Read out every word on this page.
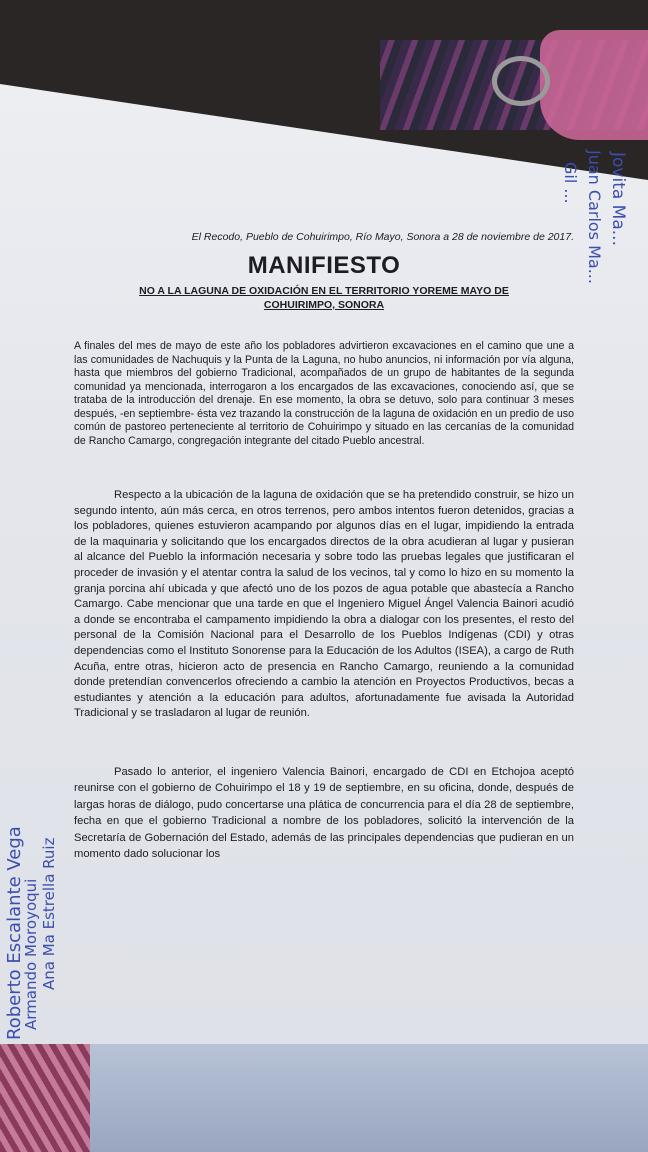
El Recodo, Pueblo de Cohuirimpo, Río Mayo, Sonora a 28 de noviembre de 2017.

MANIFIESTO

NO A LA LAGUNA DE OXIDACIÓN EN EL TERRITORIO YOREME MAYO DE COHUIRIMPO, SONORA

A finales del mes de mayo de este año los pobladores advirtieron excavaciones en el camino que une a las comunidades de Nachuquis y la Punta de la Laguna, no hubo anuncios, ni información por vía alguna, hasta que miembros del gobierno Tradicional, acompañados de un grupo de habitantes de la segunda comunidad ya mencionada, interrogaron a los encargados de las excavaciones, conociendo así, que se trataba de la introducción del drenaje. En ese momento, la obra se detuvo, solo para continuar 3 meses después, -en septiembre- ésta vez trazando la construcción de la laguna de oxidación en un predio de uso común de pastoreo perteneciente al territorio de Cohuirimpo y situado en las cercanías de la comunidad de Rancho Camargo, congregación integrante del citado Pueblo ancestral.

Respecto a la ubicación de la laguna de oxidación que se ha pretendido construir, se hizo un segundo intento, aún más cerca, en otros terrenos, pero ambos intentos fueron detenidos, gracias a los pobladores, quienes estuvieron acampando por algunos días en el lugar, impidiendo la entrada de la maquinaria y solicitando que los encargados directos de la obra acudieran al lugar y pusieran al alcance del Pueblo la información necesaria y sobre todo las pruebas legales que justificaran el proceder de invasión y el atentar contra la salud de los vecinos, tal y como lo hizo en su momento la granja porcina ahí ubicada y que afectó uno de los pozos de agua potable que abastecía a Rancho Camargo. Cabe mencionar que una tarde en que el Ingeniero Miguel Ángel Valencia Bainori acudió a donde se encontraba el campamento impidiendo la obra a dialogar con los presentes, el resto del personal de la Comisión Nacional para el Desarrollo de los Pueblos Indígenas (CDI) y otras dependencias como el Instituto Sonorense para la Educación de los Adultos (ISEA), a cargo de Ruth Acuña, entre otras, hicieron acto de presencia en Rancho Camargo, reuniendo a la comunidad donde pretendían convencerlos ofreciendo a cambio la atención en Proyectos Productivos, becas a estudiantes y atención a la educación para adultos, afortunadamente fue avisada la Autoridad Tradicional y se trasladaron al lugar de reunión.

Pasado lo anterior, el ingeniero Valencia Bainori, encargado de CDI en Etchojoa aceptó reunirse con el gobierno de Cohuirimpo el 18 y 19 de septiembre, en su oficina, donde, después de largas horas de diálogo, pudo concertarse una plática de concurrencia para el día 28 de septiembre, fecha en que el gobierno Tradicional a nombre de los pobladores, solicitó la intervención de la Secretaría de Gobernación del Estado, además de las principales dependencias que pudieran en un momento dado solucionar los

Roberto Escalante Vega
Armando Moroyoqui Ana Ma Estrella Ruiz
Jovita Ma...
Juan Carlos Ma...
Gil ...
